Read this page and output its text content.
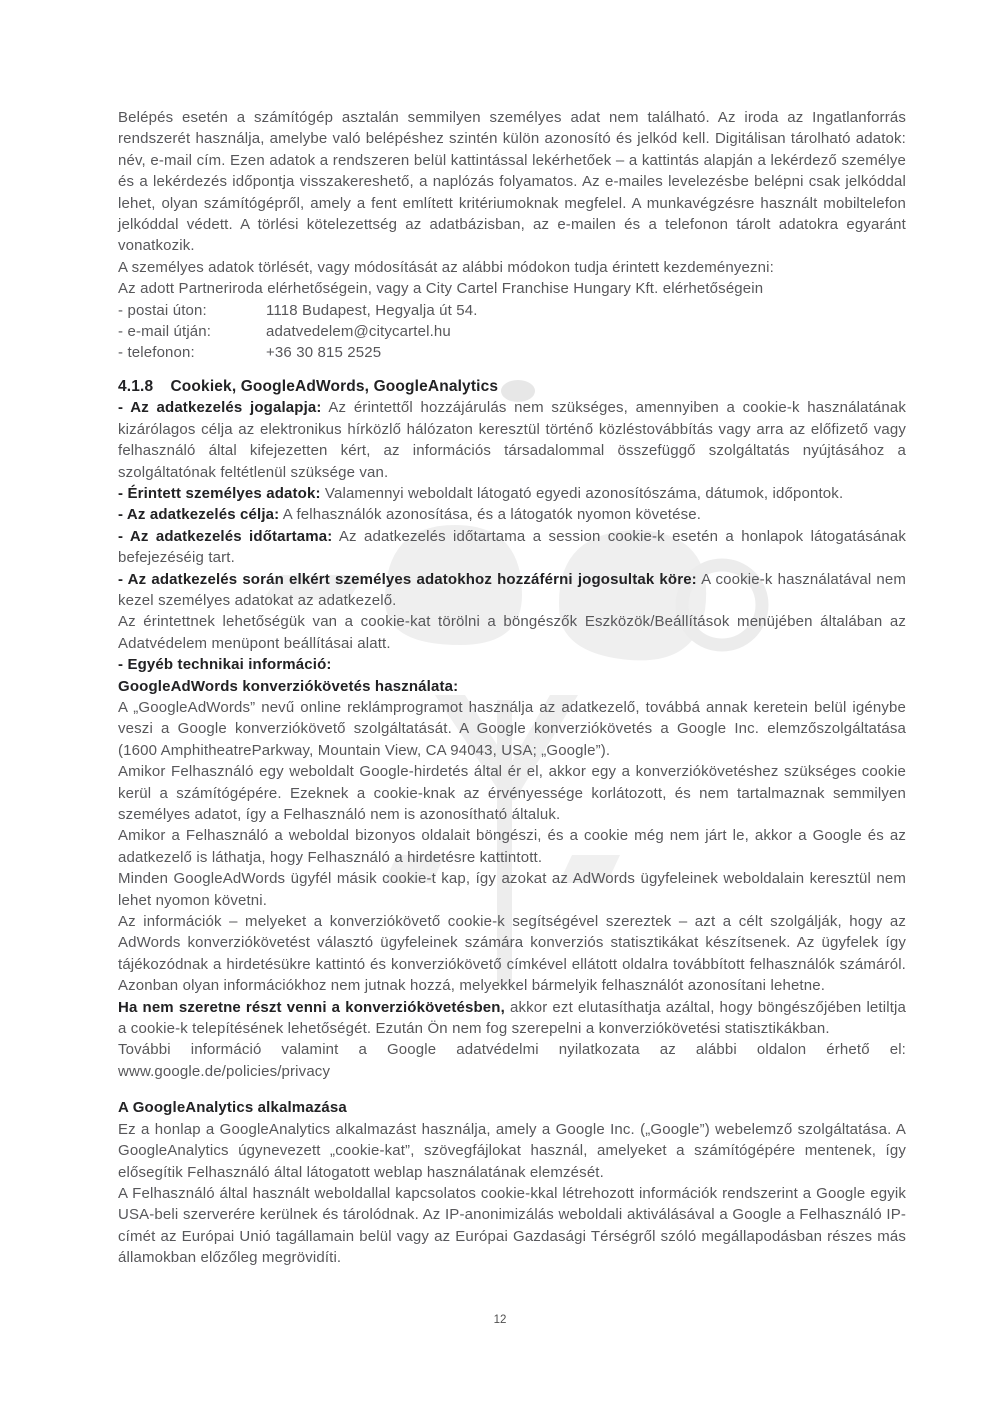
Belépés esetén a számítógép asztalán semmilyen személyes adat nem található. Az iroda az Ingatlanforrás rendszerét használja, amelybe való belépéshez szintén külön azonosító és jelkód kell. Digitálisan tárolható adatok: név, e-mail cím. Ezen adatok a rendszeren belül kattintással lekérhetőek – a kattintás alapján a lekérdező személye és a lekérdezés időpontja visszakereshető, a naplózás folyamatos. Az e-mailes levelezésbe belépni csak jelkóddal lehet, olyan számítógépről, amely a fent említett kritériumoknak megfelel. A munkavégzésre használt mobiltelefon jelkóddal védett. A törlési kötelezettség az adatbázisban, az e-mailen és a telefonon tárolt adatokra egyaránt vonatkozik.

A személyes adatok törlését, vagy módosítását az alábbi módokon tudja érintett kezdeményezni:

Az adott Partneriroda elérhetőségein, vagy a City Cartel Franchise Hungary Kft. elérhetőségein

- postai úton:	1118 Budapest, Hegyalja út 54.
- e-mail útján:	adatvedelem@citycartel.hu
- telefonon:	+36 30 815 2525
4.1.8 Cookiek, GoogleAdWords, GoogleAnalytics

- Az adatkezelés jogalapja: Az érintettől hozzájárulás nem szükséges, amennyiben a cookie-k használatának kizárólagos célja az elektronikus hírközlő hálózaton keresztül történő közléstovábbítás vagy arra az előfizető vagy felhasználó által kifejezetten kért, az információs társadalommal összefüggő szolgáltatás nyújtásához a szolgáltatónak feltétlenül szüksége van.

- Érintett személyes adatok: Valamennyi weboldalt látogató egyedi azonosítószáma, dátumok, időpontok.

- Az adatkezelés célja: A felhasználók azonosítása, és a látogatók nyomon követése.

- Az adatkezelés időtartama: Az adatkezelés időtartama a session cookie-k esetén a honlapok látogatásának befejezéséig tart.

- Az adatkezelés során elkért személyes adatokhoz hozzáférni jogosultak köre: A cookie-k használatával nem kezel személyes adatokat az adatkezelő.

Az érintettnek lehetőségük van a cookie-kat törölni a böngészők Eszközök/Beállítások menüjében általában az Adatvédelem menüpont beállításai alatt.

- Egyéb technikai információ:

GoogleAdWords konverziókövetés használata:

A „GoogleAdWords” nevű online reklámprogramot használja az adatkezelő, továbbá annak keretein belül igénybe veszi a Google konverziókövető szolgáltatását. A Google konverziókövetés a Google Inc. elemzőszolgáltatása (1600 AmphitheatreParkway, Mountain View, CA 94043, USA; „Google”).

Amikor Felhasználó egy weboldalt Google-hirdetés által ér el, akkor egy a konverziókövetéshez szükséges cookie kerül a számítógépére. Ezeknek a cookie-knak az érvényessége korlátozott, és nem tartalmaznak semmilyen személyes adatot, így a Felhasználó nem is azonosítható általuk.

Amikor a Felhasználó a weboldal bizonyos oldalait böngészi, és a cookie még nem járt le, akkor a Google és az adatkezelő is láthatja, hogy Felhasználó a hirdetésre kattintott.

Minden GoogleAdWords ügyfél másik cookie-t kap, így azokat az AdWords ügyfeleinek weboldalain keresztül nem lehet nyomon követni.

Az információk – melyeket a konverziókövető cookie-k segítségével szereztek – azt a célt szolgálják, hogy az AdWords konverziókövetést választó ügyfeleinek számára konverziós statisztikákat készítsenek. Az ügyfelek így tájékozódnak a hirdetésükre kattintó és konverziókövető címkével ellátott oldalra továbbított felhasználók számáról. Azonban olyan információkhoz nem jutnak hozzá, melyekkel bármelyik felhasználót azonosítani lehetne.

Ha nem szeretne részt venni a konverziókövetésben, akkor ezt elutasíthatja azáltal, hogy böngészőjében letiltja a cookie-k telepítésének lehetőségét. Ezután Ön nem fog szerepelni a konverziókövetési statisztikákban.

További információ valamint a Google adatvédelmi nyilatkozata az alábbi oldalon érhető el: www.google.de/policies/privacy

A GoogleAnalytics alkalmazása

Ez a honlap a GoogleAnalytics alkalmazást használja, amely a Google Inc. („Google”) webelemző szolgáltatása. A GoogleAnalytics úgynevezett „cookie-kat”, szövegfájlokat használ, amelyeket a számítógépére mentenek, így elősegítik Felhasználó által látogatott weblap használatának elemzését.

A Felhasználó által használt weboldallal kapcsolatos cookie-kkal létrehozott információk rendszerint a Google egyik USA-beli szerverére kerülnek és tárolódnak. Az IP-anonimizálás weboldali aktiválásával a Google a Felhasználó IP-címét az Európai Unió tagállamain belül vagy az Európai Gazdasági Térségről szóló megállapodásban részes más államokban előzőleg megrövidíti.

12
